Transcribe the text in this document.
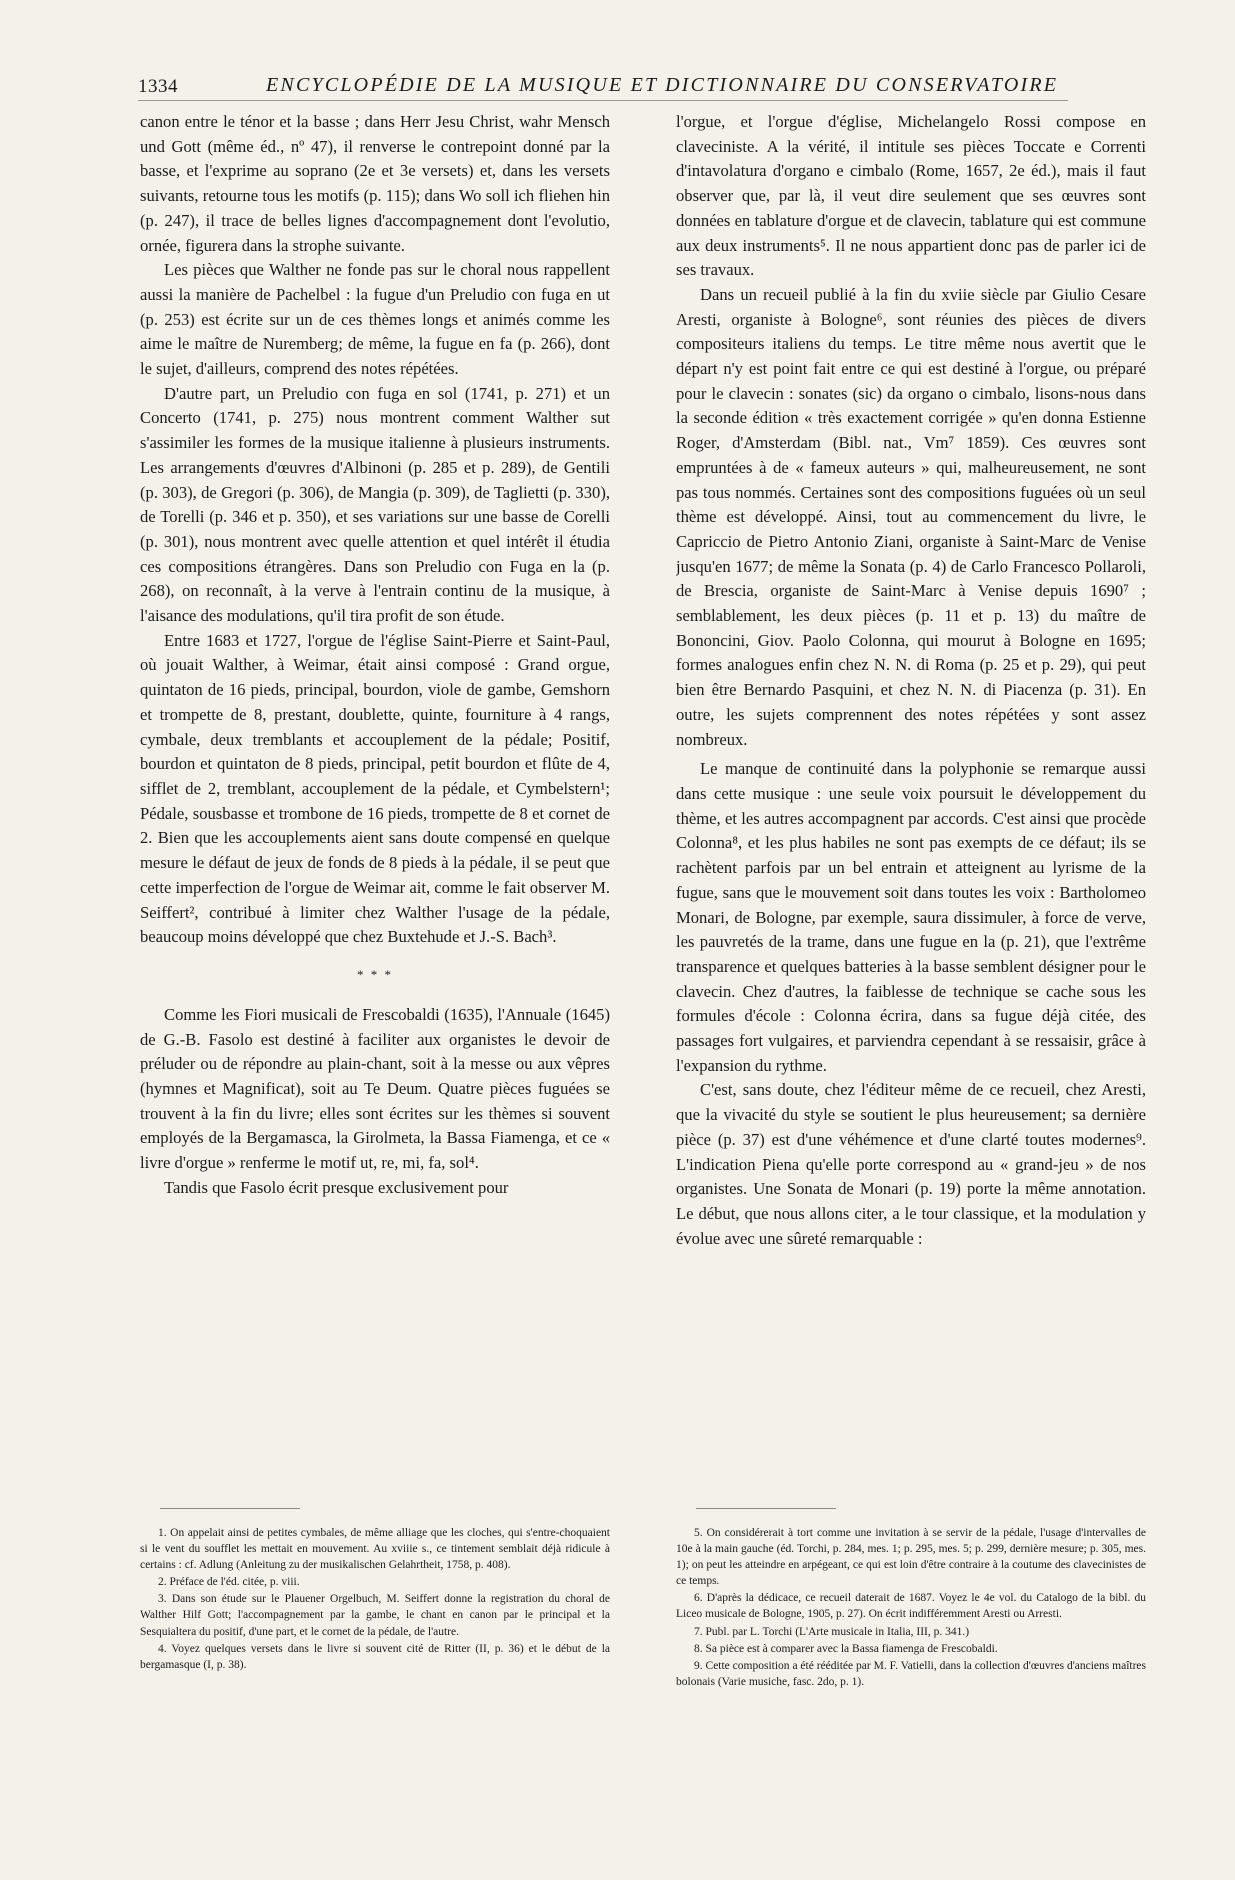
1334	ENCYCLOPÉDIE DE LA MUSIQUE ET DICTIONNAIRE DU CONSERVATOIRE

canon entre le ténor et la basse ; dans Herr Jesu Christ, wahr Mensch und Gott (même éd., nº 47), il renverse le contrepoint donné par la basse, et l'exprime au soprano (2e et 3e versets) et, dans les versets suivants, retourne tous les motifs (p. 115); dans Wo soll ich fliehen hin (p. 247), il trace de belles lignes d'accompagnement dont l'evolutio, ornée, figurera dans la strophe suivante.

Les pièces que Walther ne fonde pas sur le choral nous rappellent aussi la manière de Pachelbel : la fugue d'un Preludio con fuga en ut (p. 253) est écrite sur un de ces thèmes longs et animés comme les aime le maître de Nuremberg; de même, la fugue en fa (p. 266), dont le sujet, d'ailleurs, comprend des notes répétées.

D'autre part, un Preludio con fuga en sol (1741, p. 271) et un Concerto (1741, p. 275) nous montrent comment Walther sut s'assimiler les formes de la musique italienne à plusieurs instruments. Les arrangements d'œuvres d'Albinoni (p. 285 et p. 289), de Gentili (p. 303), de Gregori (p. 306), de Mangia (p. 309), de Taglietti (p. 330), de Torelli (p. 346 et p. 350), et ses variations sur une basse de Corelli (p. 301), nous montrent avec quelle attention et quel intérêt il étudia ces compositions étrangères. Dans son Preludio con Fuga en la (p. 268), on reconnaît, à la verve à l'entrain continu de la musique, à l'aisance des modulations, qu'il tira profit de son étude.

Entre 1683 et 1727, l'orgue de l'église Saint-Pierre et Saint-Paul, où jouait Walther, à Weimar, était ainsi composé : Grand orgue, quintaton de 16 pieds, principal, bourdon, viole de gambe, Gemshorn et trompette de 8, prestant, doublette, quinte, fourniture à 4 rangs, cymbale, deux tremblants et accouplement de la pédale; Positif, bourdon et quintaton de 8 pieds, principal, petit bourdon et flûte de 4, sifflet de 2, tremblant, accouplement de la pédale, et Cymbelstern¹; Pédale, sousbasse et trombone de 16 pieds, trompette de 8 et cornet de 2. Bien que les accouplements aient sans doute compensé en quelque mesure le défaut de jeux de fonds de 8 pieds à la pédale, il se peut que cette imperfection de l'orgue de Weimar ait, comme le fait observer M. Seiffert², contribué à limiter chez Walther l'usage de la pédale, beaucoup moins développé que chez Buxtehude et J.-S. Bach³.

* * *

Comme les Fiori musicali de Frescobaldi (1635), l'Annuale (1645) de G.-B. Fasolo est destiné à faciliter aux organistes le devoir de préluder ou de répondre au plain-chant, soit à la messe ou aux vêpres (hymnes et Magnificat), soit au Te Deum. Quatre pièces fuguées se trouvent à la fin du livre; elles sont écrites sur les thèmes si souvent employés de la Bergamasca, la Girolmeta, la Bassa Fiamenga, et ce « livre d'orgue » renferme le motif ut, re, mi, fa, sol⁴.

Tandis que Fasolo écrit presque exclusivement pour

1. On appelait ainsi de petites cymbales, de même alliage que les cloches, qui s'entre-choquaient si le vent du soufflet les mettait en mouvement. Au xviiie s., ce tintement semblait déjà ridicule à certains : cf. Adlung (Anleitung zu der musikalischen Gelahrtheit, 1758, p. 408).

2. Préface de l'éd. citée, p. viii.

3. Dans son étude sur le Plauener Orgelbuch, M. Seiffert donne la registration du choral de Walther Hilf Gott; l'accompagnement par la gambe, le chant en canon par le principal et la Sesquialtera du positif, d'une part, et le cornet de la pédale, de l'autre.

4. Voyez quelques versets dans le livre si souvent cité de Ritter (II, p. 36) et le début de la bergamasque (I, p. 38).

l'orgue, et l'orgue d'église, Michelangelo Rossi compose en claveciniste. A la vérité, il intitule ses pièces Toccate e Correnti d'intavolatura d'organo e cimbalo (Rome, 1657, 2e éd.), mais il faut observer que, par là, il veut dire seulement que ses œuvres sont données en tablature d'orgue et de clavecin, tablature qui est commune aux deux instruments⁵. Il ne nous appartient donc pas de parler ici de ses travaux.

Dans un recueil publié à la fin du xviie siècle par Giulio Cesare Aresti, organiste à Bologne⁶, sont réunies des pièces de divers compositeurs italiens du temps. Le titre même nous avertit que le départ n'y est point fait entre ce qui est destiné à l'orgue, ou préparé pour le clavecin : sonates (sic) da organo o cimbalo, lisons-nous dans la seconde édition « très exactement corrigée » qu'en donna Estienne Roger, d'Amsterdam (Bibl. nat., Vm⁷ 1859). Ces œuvres sont empruntées à de « fameux auteurs » qui, malheureusement, ne sont pas tous nommés. Certaines sont des compositions fuguées où un seul thème est développé. Ainsi, tout au commencement du livre, le Capriccio de Pietro Antonio Ziani, organiste à Saint-Marc de Venise jusqu'en 1677; de même la Sonata (p. 4) de Carlo Francesco Pollaroli, de Brescia, organiste de Saint-Marc à Venise depuis 1690⁷ ; semblablement, les deux pièces (p. 11 et p. 13) du maître de Bononcini, Giov. Paolo Colonna, qui mourut à Bologne en 1695; formes analogues enfin chez N. N. di Roma (p. 25 et p. 29), qui peut bien être Bernardo Pasquini, et chez N. N. di Piacenza (p. 31). En outre, les sujets comprennent des notes répétées y sont assez nombreux.

Le manque de continuité dans la polyphonie se remarque aussi dans cette musique : une seule voix poursuit le développement du thème, et les autres accompagnent par accords. C'est ainsi que procède Colonna⁸, et les plus habiles ne sont pas exempts de ce défaut; ils se rachètent parfois par un bel entrain et atteignent au lyrisme de la fugue, sans que le mouvement soit dans toutes les voix : Bartholomeo Monari, de Bologne, par exemple, saura dissimuler, à force de verve, les pauvretés de la trame, dans une fugue en la (p. 21), que l'extrême transparence et quelques batteries à la basse semblent désigner pour le clavecin. Chez d'autres, la faiblesse de technique se cache sous les formules d'école : Colonna écrira, dans sa fugue déjà citée, des passages fort vulgaires, et parviendra cependant à se ressaisir, grâce à l'expansion du rythme.

C'est, sans doute, chez l'éditeur même de ce recueil, chez Aresti, que la vivacité du style se soutient le plus heureusement; sa dernière pièce (p. 37) est d'une véhémence et d'une clarté toutes modernes⁹. L'indication Piena qu'elle porte correspond au « grand-jeu » de nos organistes. Une Sonata de Monari (p. 19) porte la même annotation. Le début, que nous allons citer, a le tour classique, et la modulation y évolue avec une sûreté remarquable :

5. On considérerait à tort comme une invitation à se servir de la pédale, l'usage d'intervalles de 10e à la main gauche (éd. Torchi, p. 284, mes. 1; p. 295, mes. 5; p. 299, dernière mesure; p. 305, mes. 1); on peut les atteindre en arpégeant, ce qui est loin d'être contraire à la coutume des clavecinistes de ce temps.

6. D'après la dédicace, ce recueil daterait de 1687. Voyez le 4e vol. du Catalogo de la bibl. du Liceo musicale de Bologne, 1905, p. 27). On écrit indifféremment Aresti ou Arresti.

7. Publ. par L. Torchi (L'Arte musicale in Italia, III, p. 341.)

8. Sa pièce est à comparer avec la Bassa fiamenga de Frescobaldi.

9. Cette composition a été rééditée par M. F. Vatielli, dans la collection d'œuvres d'anciens maîtres bolonais (Varie musiche, fasc. 2do, p. 1).
